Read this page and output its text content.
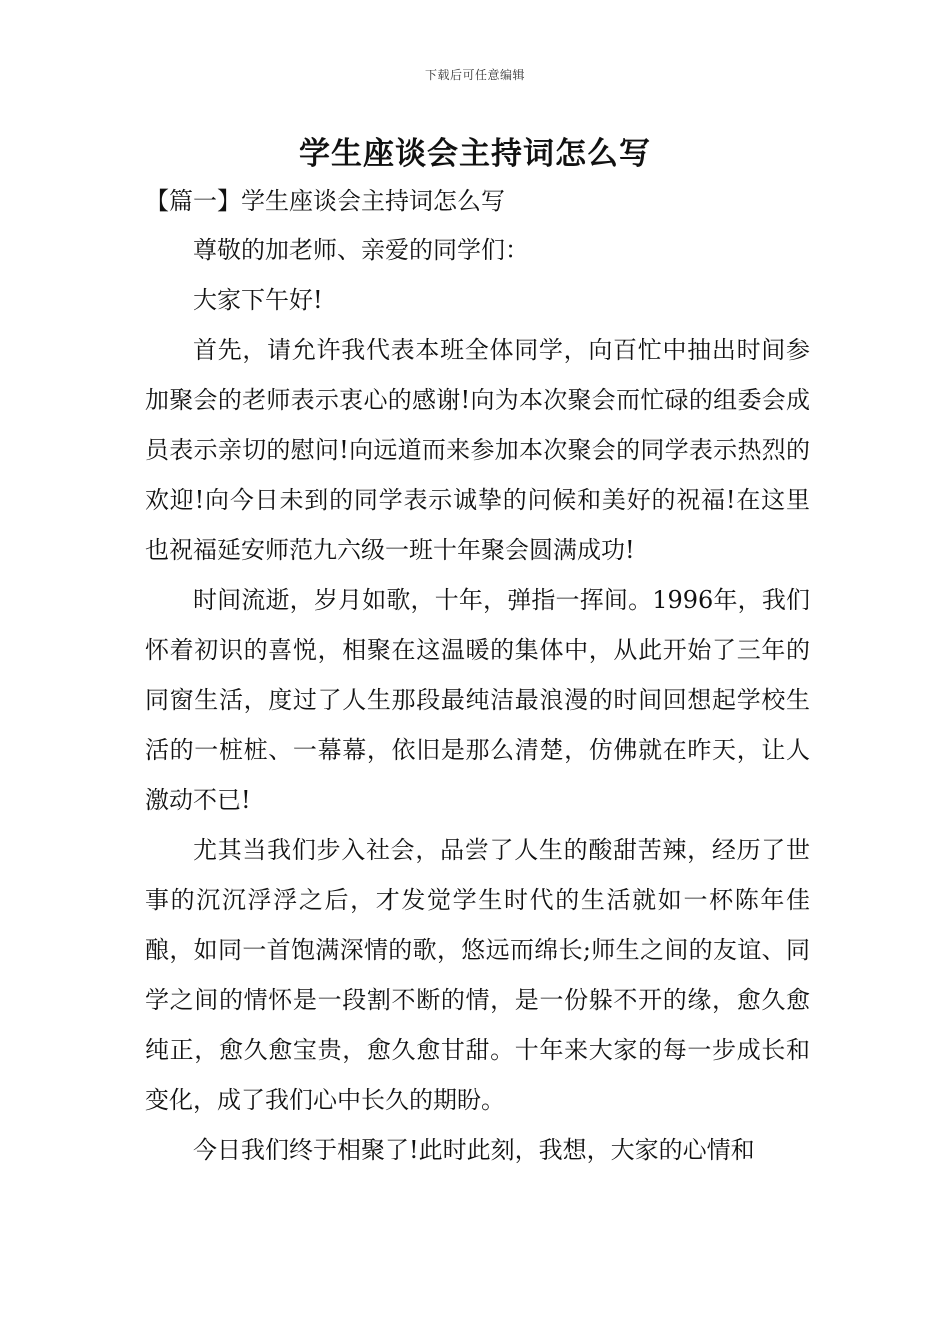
下载后可任意编辑
学生座谈会主持词怎么写
【篇一】学生座谈会主持词怎么写

尊敬的加老师、亲爱的同学们：

大家下午好!

首先，请允许我代表本班全体同学，向百忙中抽出时间参加聚会的老师表示衷心的感谢!向为本次聚会而忙碌的组委会成员表示亲切的慰问!向远道而来参加本次聚会的同学表示热烈的欢迎!向今日未到的同学表示诚挚的问候和美好的祝福!在这里也祝福延安师范九六级一班十年聚会圆满成功!

时间流逝，岁月如歌，十年，弹指一挥间。1996年，我们怀着初识的喜悦，相聚在这温暖的集体中，从此开始了三年的同窗生活，度过了人生那段最纯洁最浪漫的时间回想起学校生活的一桩桩、一幕幕，依旧是那么清楚，仿佛就在昨天，让人激动不已!

尤其当我们步入社会，品尝了人生的酸甜苦辣，经历了世事的沉沉浮浮之后，才发觉学生时代的生活就如一杯陈年佳酿，如同一首饱满深情的歌，悠远而绵长;师生之间的友谊、同学之间的情怀是一段割不断的情，是一份躲不开的缘，愈久愈纯正，愈久愈宝贵，愈久愈甘甜。十年来大家的每一步成长和变化，成了我们心中长久的期盼。

今日我们终于相聚了!此时此刻，我想，大家的心情和
